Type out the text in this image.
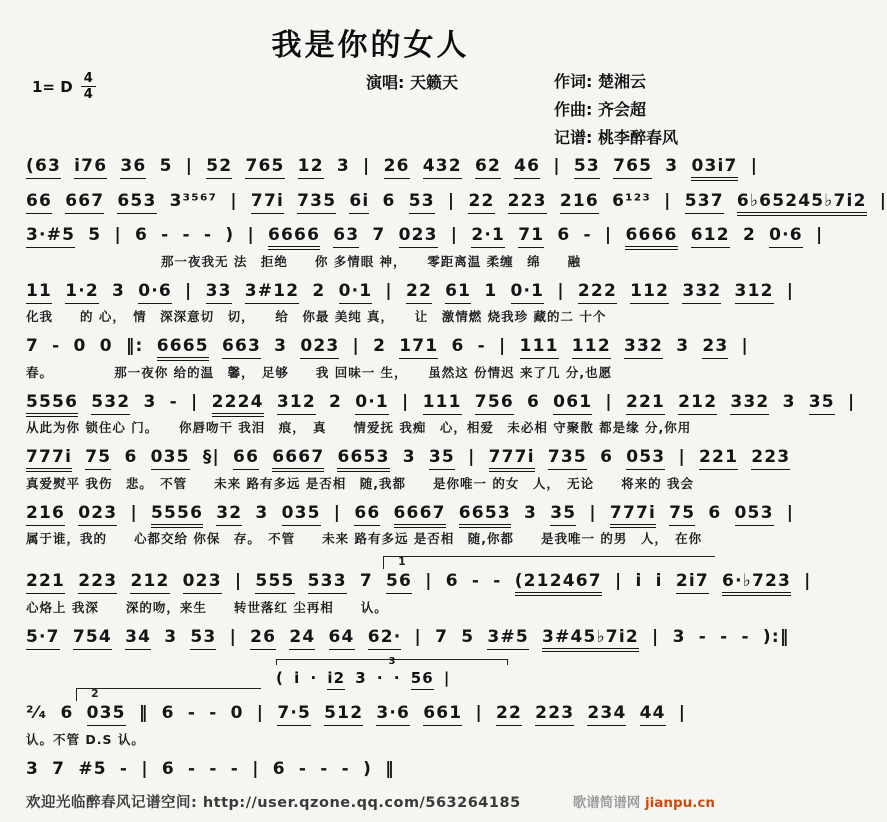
我是你的女人
1= D $\frac{4}{4}$	演唱: 天籁天	作词: 楚湘云
作曲: 齐会超
记谱: 桃李醉春风
(63 i76 36 5 | 52 765 12 3 | 26 432 62 46 | 53 765 3 03i7 |
66 667 653 3³⁵⁶⁷ | 77i 735 6i 6 53 | 22 223 216 6¹²³ | 537 6♭65245♭7i2 |
3·#5 5 | 6 - - - ) | 6666 63 7 023 | 2·1 71 6 - | 6666 612 2 0·6 |
　　　　　　　　　　那一夜我无 法　拒绝　　你 多情眼 神，　　零距离温 柔缠　绵　　融
11 1·2 3 0·6 | 33 3#12 2 0·1 | 22 61 1 0·1 | 222 112 332 312 |
化我　　的 心，　情　深深意切　切，　　给　你最 美纯 真，　　让　激情燃 烧我珍 藏的二 十个
7 - 0 0 ‖: 6665 663 3 023 | 2 171 6 - | 111 112 332 3 23 |
春。　　　　　那一夜你 给的温　馨，　足够　　我 回味一 生，　　虽然这 份情迟 来了几 分,也愿
5556 532 3 - | 2224 312 2 0·1 | 111 756 6 061 | 221 212 332 3 35 |
从此为你 锁住心 门。　　你唇吻干 我泪　痕，　真　　情爱抚 我痴　心，相爱　未必相 守聚散 都是缘 分,你用
777i 75 6 035 §| 66 6667 6653 3 35 | 777i 735 6 053 | 221 223
真爱熨平 我伤　悲。　不管　　未来 路有多远 是否相　随,我都　　是你唯一 的女　人，　无论　　将来的 我会
216 023 | 5556 32 3 035 | 66 6667 6653 3 35 | 777i 75 6 053 |
属于谁，我的　　心都交给 你保　存。　不管　　未来 路有多远 是否相　随,你都　　是我唯一 的男　人，　在你
1
221 223 212 023 | 555 533 7 56 | 6 - - (212467 | i i 2i7 6·♭723 |
心烙上 我深　　深的吻，来生　　转世落红 尘再相　　认。
5·7 754 34 3 53 | 26 24 64 62· | 7 5 3#5 3#45♭7i2 | 3 - - - ):‖
3
( i · i2 3 · · 56 |
2
²⁄₄ 6 035 ‖ 6 - - 0 | 7·5 512 3·6 661 | 22 223 234 44 |
认。不管 D.S 认。
3 7 #5 - | 6 - - - | 6 - - - ) ‖
欢迎光临醉春风记谱空间: http://user.qzone.qq.com/563264185	歌谱简谱网 jianpu.cn
